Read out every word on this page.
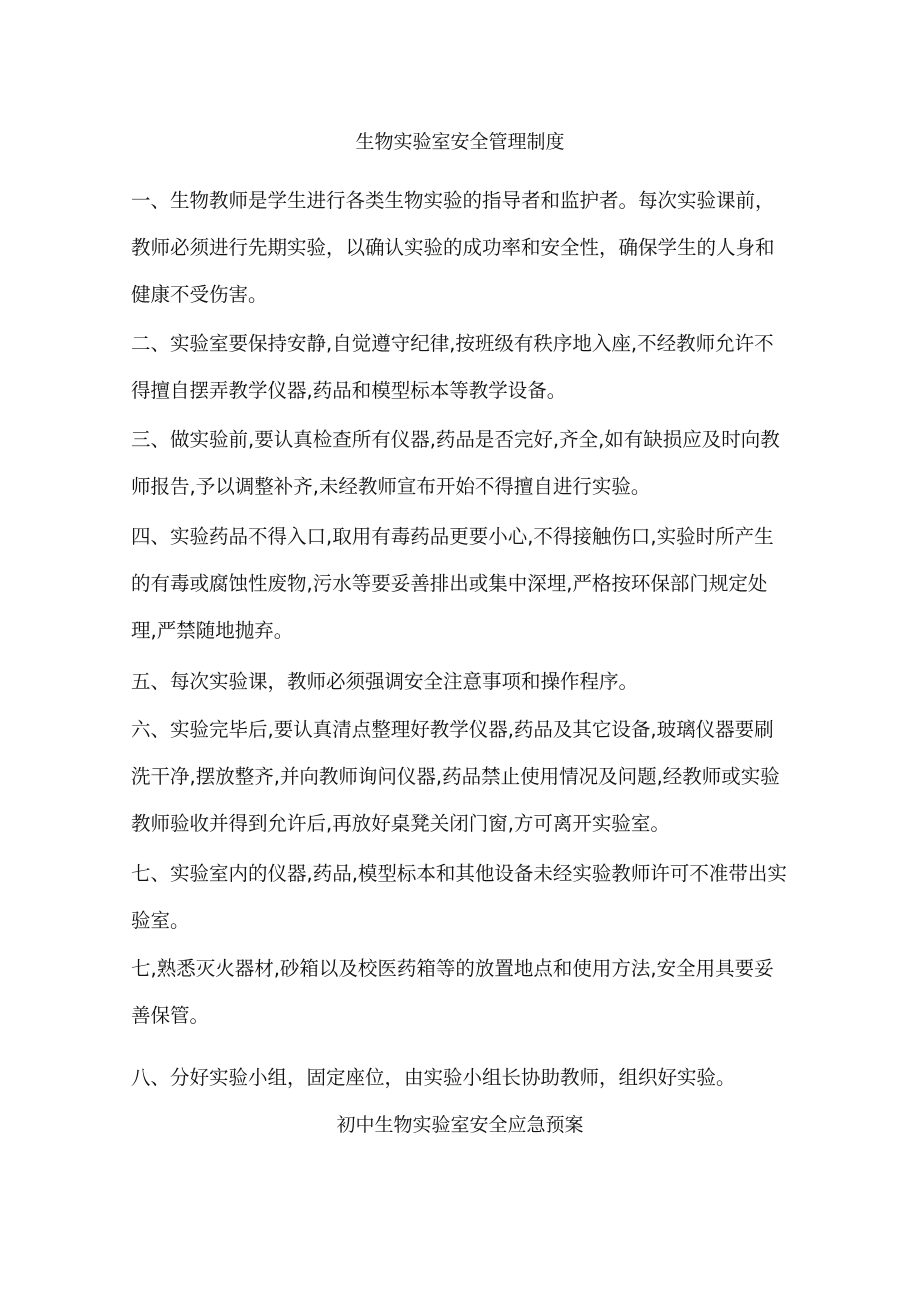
生物实验室安全管理制度

一、生物教师是学生进行各类生物实验的指导者和监护者。每次实验课前，教师必须进行先期实验，以确认实验的成功率和安全性，确保学生的人身和健康不受伤害。

二、实验室要保持安静,自觉遵守纪律,按班级有秩序地入座,不经教师允许不得擅自摆弄教学仪器,药品和模型标本等教学设备。

三、做实验前,要认真检查所有仪器,药品是否完好,齐全,如有缺损应及时向教师报告,予以调整补齐,未经教师宣布开始不得擅自进行实验。

四、实验药品不得入口,取用有毒药品更要小心,不得接触伤口,实验时所产生的有毒或腐蚀性废物,污水等要妥善排出或集中深埋,严格按环保部门规定处理,严禁随地抛弃。

五、每次实验课，教师必须强调安全注意事项和操作程序。

六、实验完毕后,要认真清点整理好教学仪器,药品及其它设备,玻璃仪器要刷洗干净,摆放整齐,并向教师询问仪器,药品禁止使用情况及问题,经教师或实验教师验收并得到允许后,再放好桌凳关闭门窗,方可离开实验室。

七、实验室内的仪器,药品,模型标本和其他设备未经实验教师许可不准带出实验室。

七,熟悉灭火器材,砂箱以及校医药箱等的放置地点和使用方法,安全用具要妥善保管。

八、分好实验小组，固定座位，由实验小组长协助教师，组织好实验。

初中生物实验室安全应急预案
